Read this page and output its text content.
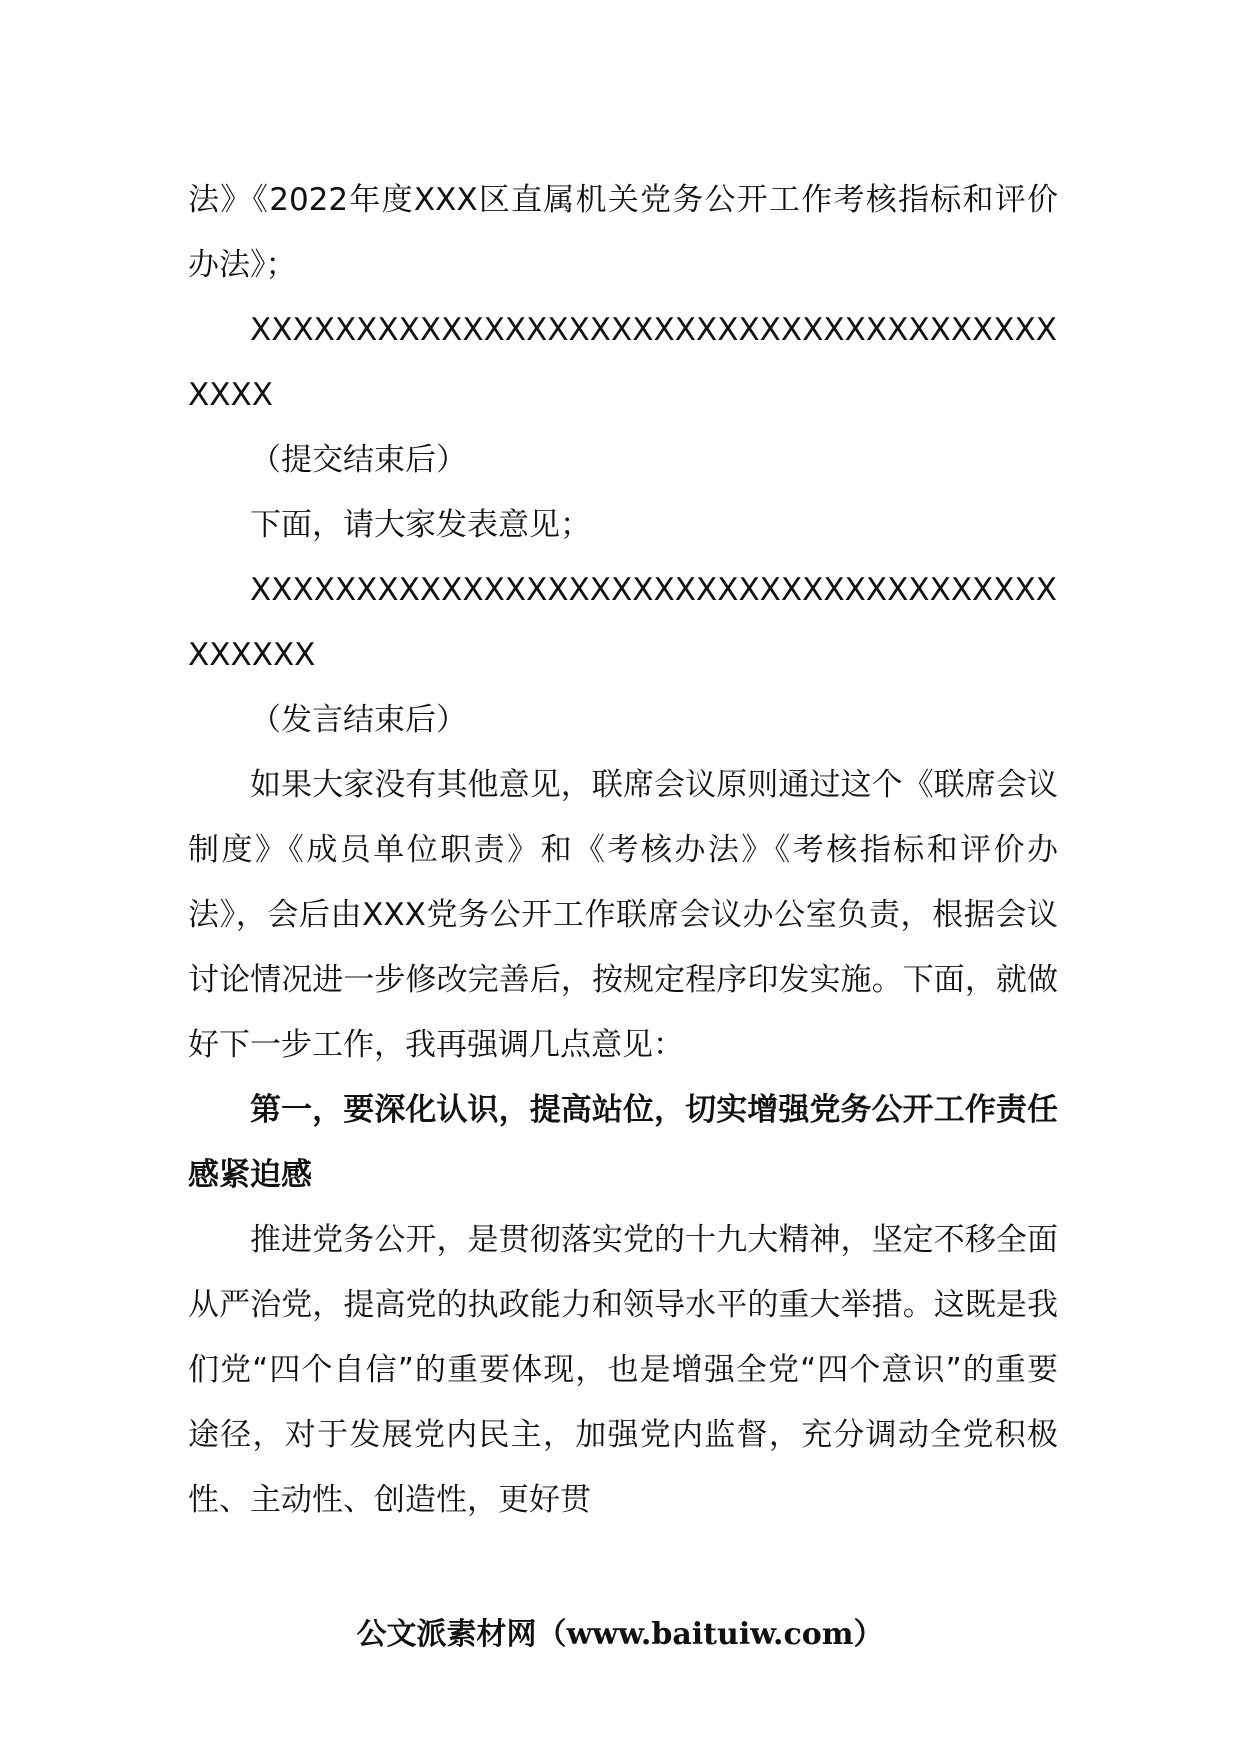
法》《2022年度XXX区直属机关党务公开工作考核指标和评价办法》；

XXXXXXXXXXXXXXXXXXXXXXXXXXXXXXXXXXXXXXXXXX

（提交结束后）

下面，请大家发表意见；

XXXXXXXXXXXXXXXXXXXXXXXXXXXXXXXXXXXXXXXXXXXX

（发言结束后）

如果大家没有其他意见，联席会议原则通过这个《联席会议制度》《成员单位职责》和《考核办法》《考核指标和评价办法》，会后由XXX党务公开工作联席会议办公室负责，根据会议讨论情况进一步修改完善后，按规定程序印发实施。下面，就做好下一步工作，我再强调几点意见：

第一，要深化认识，提高站位，切实增强党务公开工作责任感紧迫感

推进党务公开，是贯彻落实党的十九大精神，坚定不移全面从严治党，提高党的执政能力和领导水平的重大举措。这既是我们党“四个自信”的重要体现，也是增强全党“四个意识”的重要途径，对于发展党内民主，加强党内监督，充分调动全党积极性、主动性、创造性，更好贯

公文派素材网（www.baituiw.com）
